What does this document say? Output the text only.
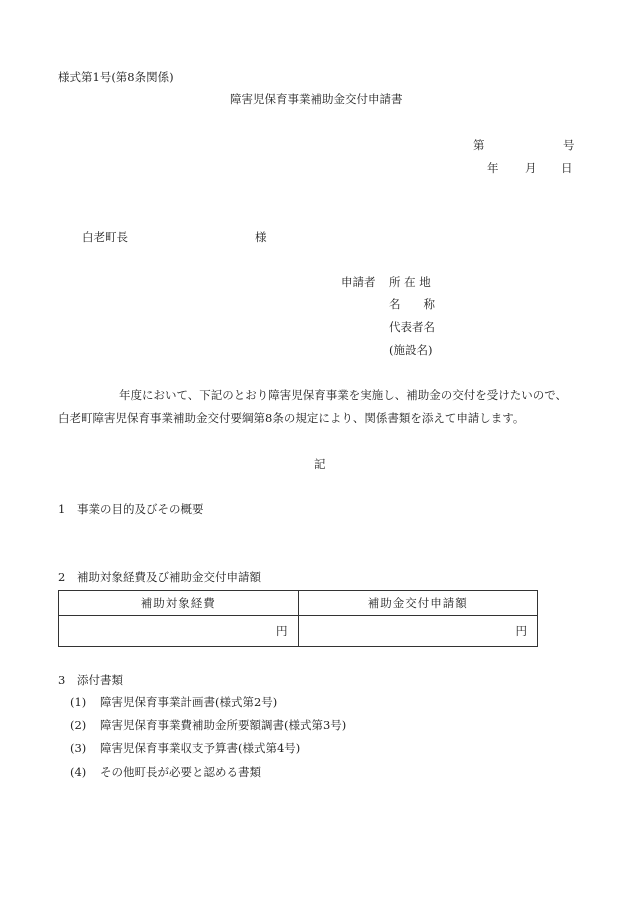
様式第1号(第8条関係)
障害児保育事業補助金交付申請書
第	号
年 月 日
白老町長	様
申請者 所 在 地
名　　称
代表者名
(施設名)
年度において、下記のとおり障害児保育事業を実施し、補助金の交付を受けたいので、
白老町障害児保育事業補助金交付要綱第8条の規定により、関係書類を添えて申請します。
記
1 事業の目的及びその概要
2 補助対象経費及び補助金交付申請額
補助対象経費	補助金交付申請額
円	円
3 添付書類
(1) 障害児保育事業計画書(様式第2号)
(2) 障害児保育事業費補助金所要額調書(様式第3号)
(3) 障害児保育事業収支予算書(様式第4号)
(4) その他町長が必要と認める書類
